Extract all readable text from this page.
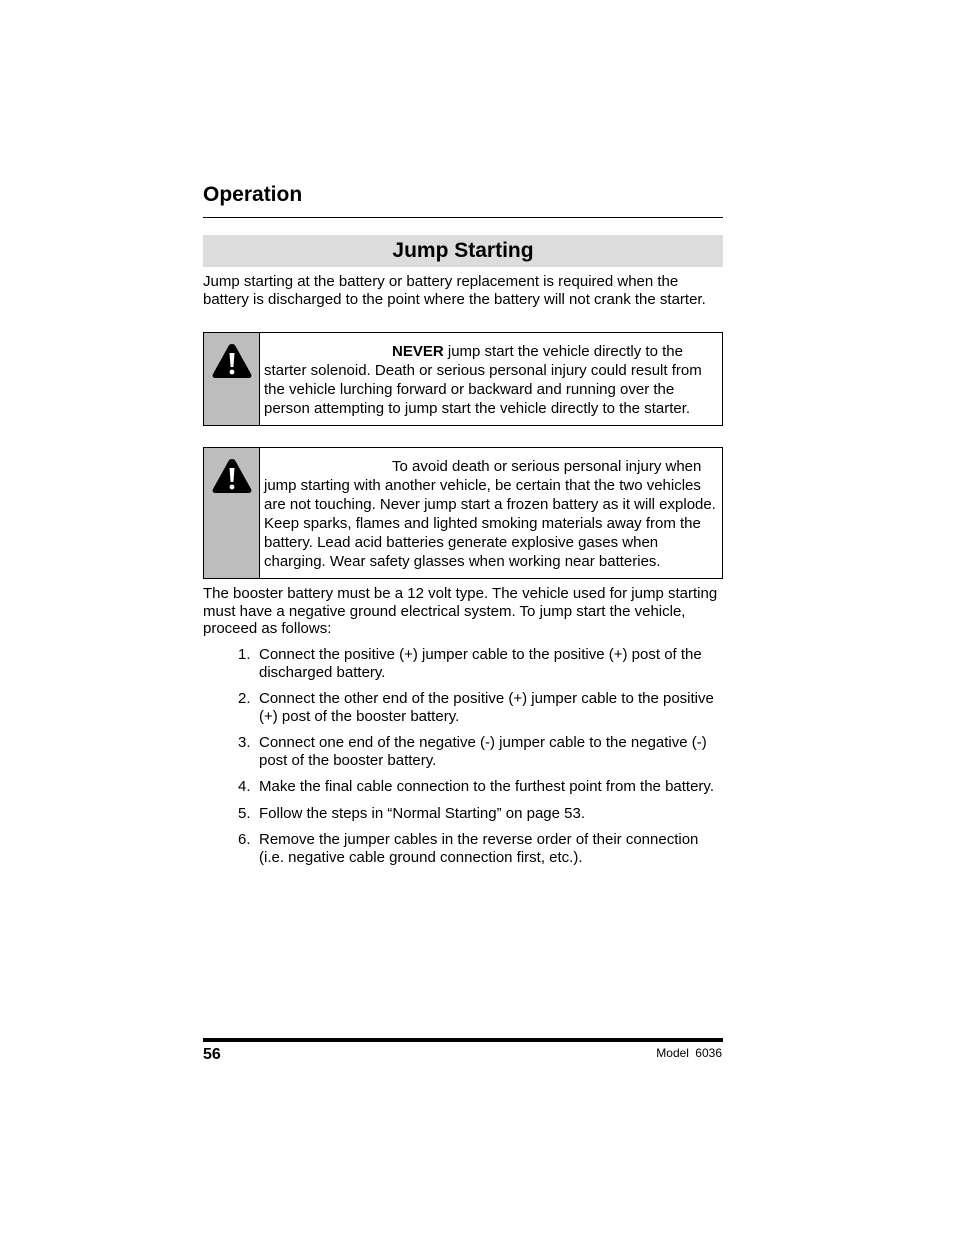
Operation
Jump Starting

Jump starting at the battery or battery replacement is required when the battery is discharged to the point where the battery will not crank the starter.

NEVER jump start the vehicle directly to the starter solenoid. Death or serious personal injury could result from the vehicle lurching forward or backward and running over the person attempting to jump start the vehicle directly to the starter.
To avoid death or serious personal injury when jump starting with another vehicle, be certain that the two vehicles are not touching. Never jump start a frozen battery as it will explode. Keep sparks, flames and lighted smoking materials away from the battery. Lead acid batteries generate explosive gases when charging. Wear safety glasses when working near batteries.

The booster battery must be a 12 volt type. The vehicle used for jump starting must have a negative ground electrical system. To jump start the vehicle, proceed as follows:

1. Connect the positive (+) jumper cable to the positive (+) post of the discharged battery.
2. Connect the other end of the positive (+) jumper cable to the positive (+) post of the booster battery.
3. Connect one end of the negative (-) jumper cable to the negative (-) post of the booster battery.
4. Make the final cable connection to the furthest point from the battery.
5. Follow the steps in “Normal Starting” on page 53.
6. Remove the jumper cables in the reverse order of their connection (i.e. negative cable ground connection first, etc.).
56	Model 6036
